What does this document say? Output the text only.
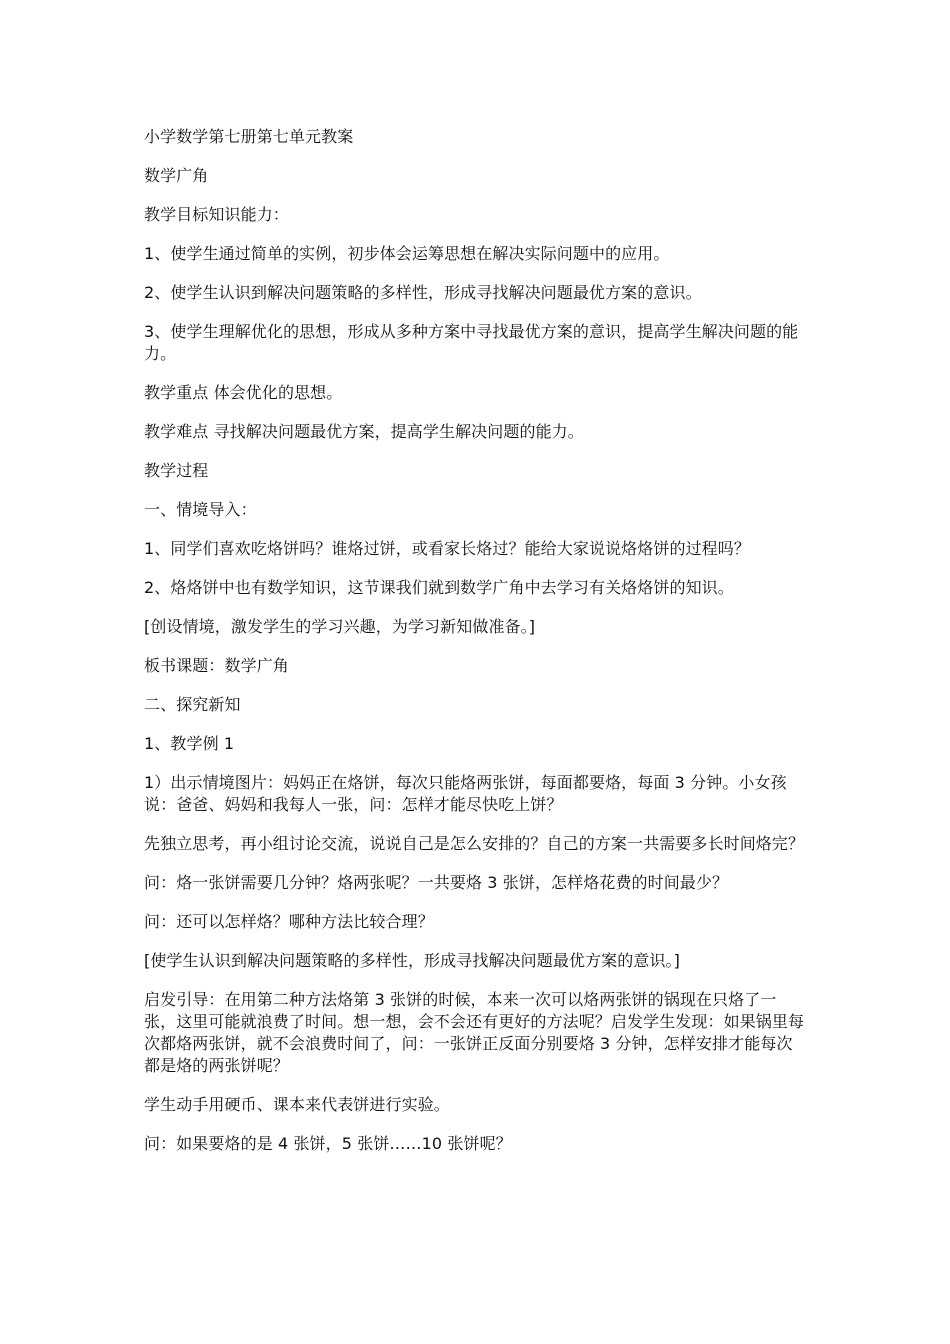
小学数学第七册第七单元教案

数学广角

教学目标知识能力：

1、使学生通过简单的实例，初步体会运筹思想在解决实际问题中的应用。

2、使学生认识到解决问题策略的多样性，形成寻找解决问题最优方案的意识。

3、使学生理解优化的思想，形成从多种方案中寻找最优方案的意识，提高学生解决问题的能力。

教学重点 体会优化的思想。

教学难点 寻找解决问题最优方案，提高学生解决问题的能力。

教学过程

一、情境导入：

1、同学们喜欢吃烙饼吗？谁烙过饼，或看家长烙过？能给大家说说烙烙饼的过程吗？

2、烙烙饼中也有数学知识，这节课我们就到数学广角中去学习有关烙烙饼的知识。

[创设情境，激发学生的学习兴趣，为学习新知做准备。]

板书课题：数学广角

二、探究新知

1、教学例 1

1）出示情境图片：妈妈正在烙饼，每次只能烙两张饼，每面都要烙，每面 3 分钟。小女孩说：爸爸、妈妈和我每人一张，问：怎样才能尽快吃上饼？

先独立思考，再小组讨论交流，说说自己是怎么安排的？自己的方案一共需要多长时间烙完？

问：烙一张饼需要几分钟？烙两张呢？一共要烙 3 张饼，怎样烙花费的时间最少？

问：还可以怎样烙？哪种方法比较合理？

[使学生认识到解决问题策略的多样性，形成寻找解决问题最优方案的意识。]

启发引导：在用第二种方法烙第 3 张饼的时候，本来一次可以烙两张饼的锅现在只烙了一张，这里可能就浪费了时间。想一想，会不会还有更好的方法呢？启发学生发现：如果锅里每次都烙两张饼，就不会浪费时间了，问：一张饼正反面分别要烙 3 分钟，怎样安排才能每次都是烙的两张饼呢？

学生动手用硬币、课本来代表饼进行实验。

问：如果要烙的是 4 张饼，5 张饼……10 张饼呢？
